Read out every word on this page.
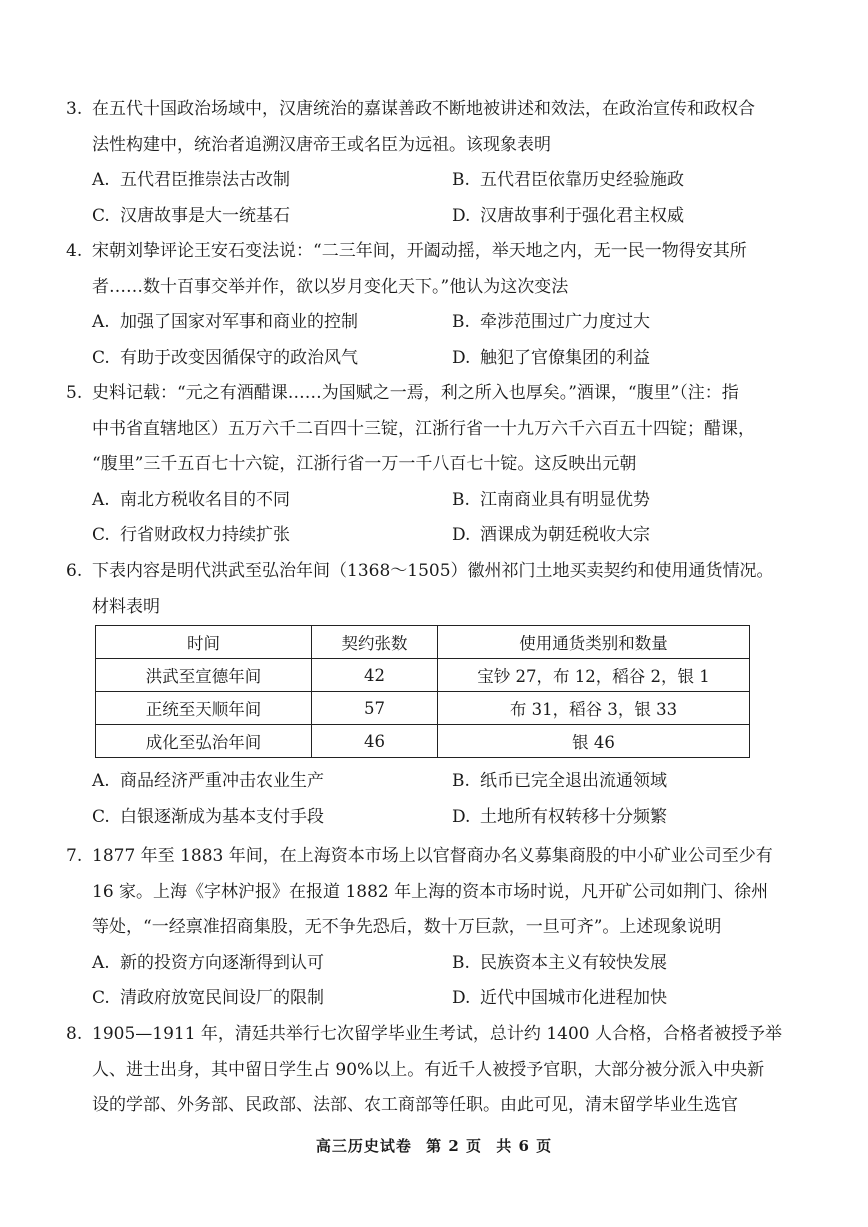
3. 在五代十国政治场域中，汉唐统治的嘉谋善政不断地被讲述和效法，在政治宣传和政权合
法性构建中，统治者追溯汉唐帝王或名臣为远祖。该现象表明
A. 五代君臣推崇法古改制	B. 五代君臣依靠历史经验施政
C. 汉唐故事是大一统基石	D. 汉唐故事利于强化君主权威
4. 宋朝刘挚评论王安石变法说：“二三年间，开阖动摇，举天地之内，无一民一物得安其所
者……数十百事交举并作，欲以岁月变化天下。”他认为这次变法
A. 加强了国家对军事和商业的控制	B. 牵涉范围过广力度过大
C. 有助于改变因循保守的政治风气	D. 触犯了官僚集团的利益
5. 史料记载：“元之有酒醋课……为国赋之一焉，利之所入也厚矣。”酒课，“腹里”（注：指
中书省直辖地区）五万六千二百四十三锭，江浙行省一十九万六千六百五十四锭；醋课，
“腹里”三千五百七十六锭，江浙行省一万一千八百七十锭。这反映出元朝
A. 南北方税收名目的不同	B. 江南商业具有明显优势
C. 行省财政权力持续扩张	D. 酒课成为朝廷税收大宗
6. 下表内容是明代洪武至弘治年间（1368～1505）徽州祁门土地买卖契约和使用通货情况。
材料表明
时间	契约张数	使用通货类别和数量
洪武至宣德年间	42	宝钞 27，布 12，稻谷 2，银 1
正统至天顺年间	57	布 31，稻谷 3，银 33
成化至弘治年间	46	银 46
A. 商品经济严重冲击农业生产	B. 纸币已完全退出流通领域
C. 白银逐渐成为基本支付手段	D. 土地所有权转移十分频繁
7. 1877 年至 1883 年间，在上海资本市场上以官督商办名义募集商股的中小矿业公司至少有
16 家。上海《字林沪报》在报道 1882 年上海的资本市场时说，凡开矿公司如荆门、徐州
等处，“一经禀准招商集股，无不争先恐后，数十万巨款，一旦可齐”。上述现象说明
A. 新的投资方向逐渐得到认可	B. 民族资本主义有较快发展
C. 清政府放宽民间设厂的限制	D. 近代中国城市化进程加快
8. 1905—1911 年，清廷共举行七次留学毕业生考试，总计约 1400 人合格，合格者被授予举
人、进士出身，其中留日学生占 90%以上。有近千人被授予官职，大部分被分派入中央新
设的学部、外务部、民政部、法部、农工商部等任职。由此可见，清末留学毕业生选官
高三历史试卷 第 2 页 共 6 页
